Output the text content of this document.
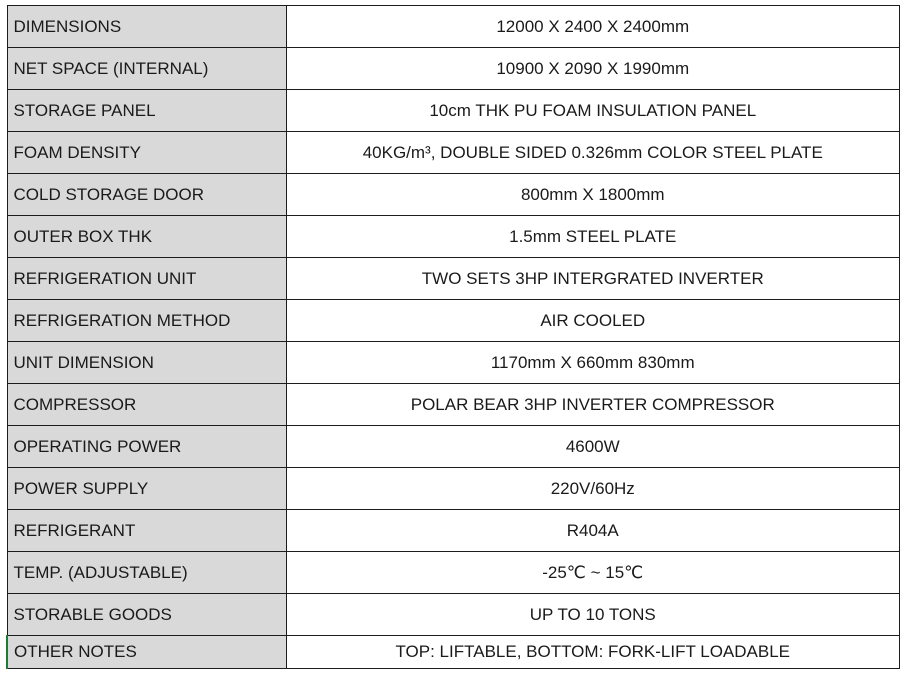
DIMENSIONS	12000 X 2400 X 2400mm
NET SPACE (INTERNAL)	10900 X 2090 X 1990mm
STORAGE PANEL	10cm THK PU FOAM INSULATION PANEL
FOAM DENSITY	40KG/m³, DOUBLE SIDED 0.326mm COLOR STEEL PLATE
COLD STORAGE DOOR	800mm X 1800mm
OUTER BOX THK	1.5mm STEEL PLATE
REFRIGERATION UNIT	TWO SETS 3HP INTERGRATED INVERTER
REFRIGERATION METHOD	AIR COOLED
UNIT DIMENSION	1170mm X 660mm 830mm
COMPRESSOR	POLAR BEAR 3HP INVERTER COMPRESSOR
OPERATING POWER	4600W
POWER SUPPLY	220V/60Hz
REFRIGERANT	R404A
TEMP. (ADJUSTABLE)	-25℃ ~ 15℃
STORABLE GOODS	UP TO 10 TONS
OTHER NOTES	TOP: LIFTABLE, BOTTOM: FORK-LIFT LOADABLE
